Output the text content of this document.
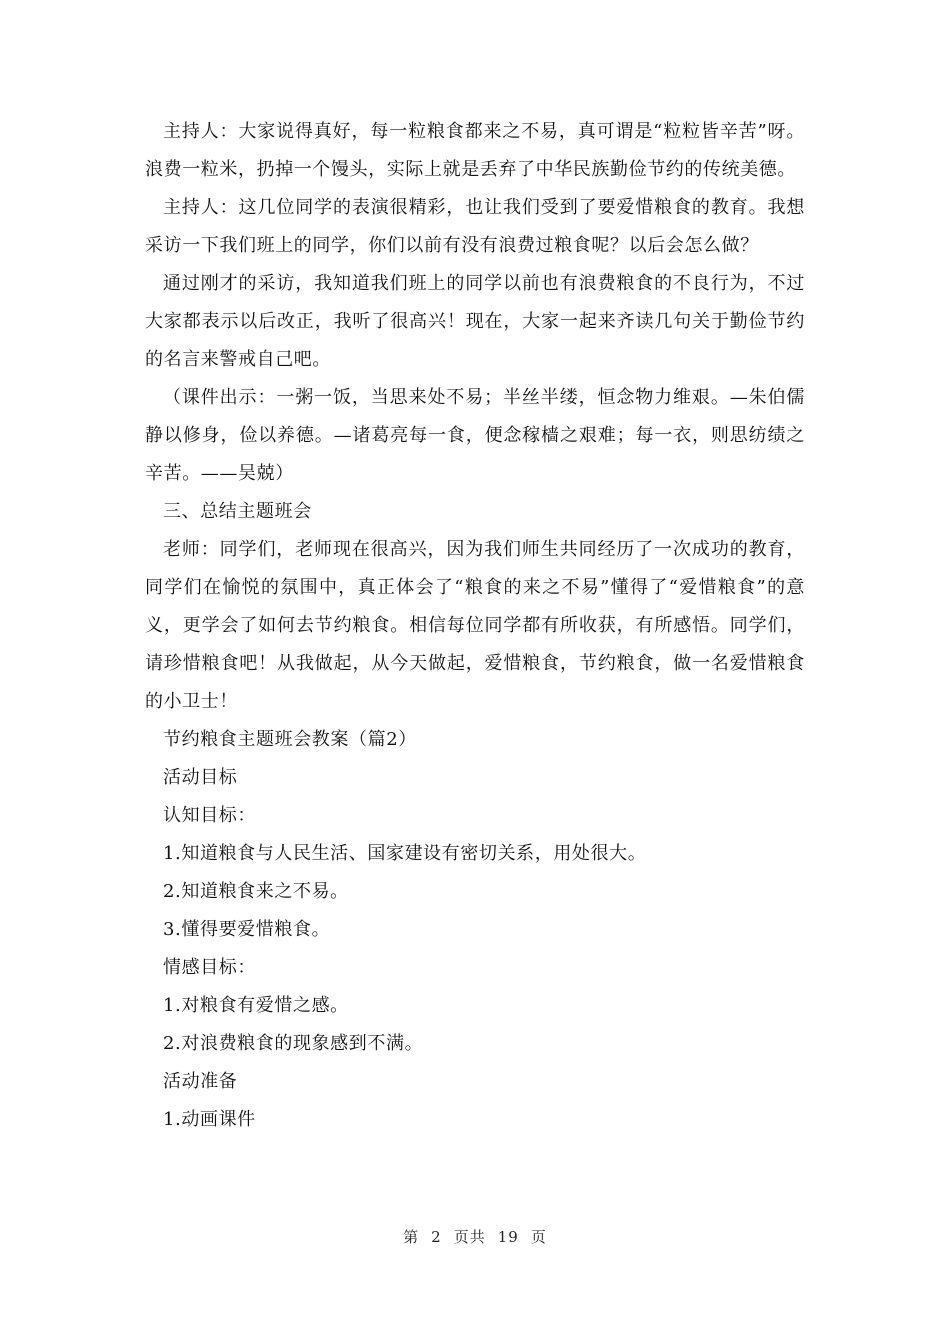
主持人：大家说得真好，每一粒粮食都来之不易，真可谓是“粒粒皆辛苦”呀。浪费一粒米，扔掉一个馒头，实际上就是丢弃了中华民族勤俭节约的传统美德。

主持人：这几位同学的表演很精彩，也让我们受到了要爱惜粮食的教育。我想采访一下我们班上的同学，你们以前有没有浪费过粮食呢？以后会怎么做？

通过刚才的采访，我知道我们班上的同学以前也有浪费粮食的不良行为，不过大家都表示以后改正，我听了很高兴！现在，大家一起来齐读几句关于勤俭节约的名言来警戒自己吧。

（课件出示：一粥一饭，当思来处不易；半丝半缕，恒念物力维艰。—朱伯儒静以修身，俭以养德。—诸葛亮每一食，便念稼樯之艰难；每一衣，则思纺绩之辛苦。——吴兢）

三、总结主题班会

老师：同学们，老师现在很高兴，因为我们师生共同经历了一次成功的教育，同学们在愉悦的氛围中，真正体会了“粮食的来之不易”懂得了“爱惜粮食”的意义，更学会了如何去节约粮食。相信每位同学都有所收获，有所感悟。同学们，请珍惜粮食吧！从我做起，从今天做起，爱惜粮食，节约粮食，做一名爱惜粮食的小卫士！

节约粮食主题班会教案（篇2）

活动目标

认知目标：

1.知道粮食与人民生活、国家建设有密切关系，用处很大。

2.知道粮食来之不易。

3.懂得要爱惜粮食。

情感目标：

1.对粮食有爱惜之感。

2.对浪费粮食的现象感到不满。

活动准备

1.动画课件

第 2 页共 19 页
